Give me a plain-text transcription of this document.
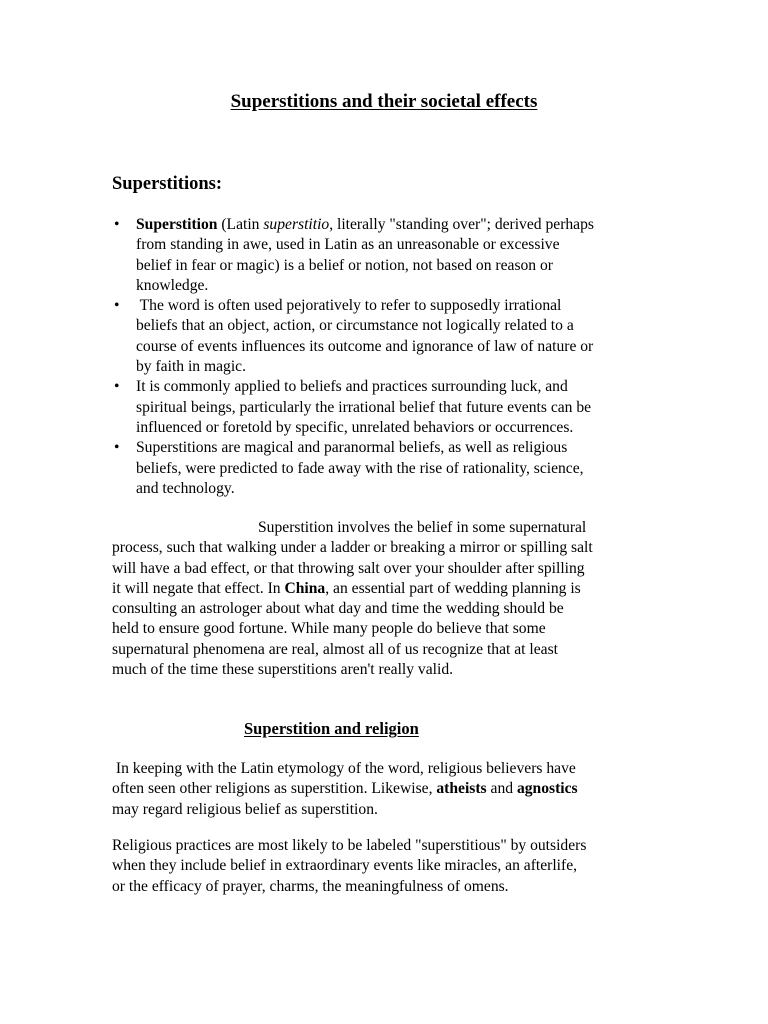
Superstitions and their societal effects
Superstitions:
• Superstition (Latin superstitio, literally "standing over"; derived perhaps
from standing in awe, used in Latin as an unreasonable or excessive
belief in fear or magic) is a belief or notion, not based on reason or
knowledge.
• The word is often used pejoratively to refer to supposedly irrational
beliefs that an object, action, or circumstance not logically related to a
course of events influences its outcome and ignorance of law of nature or
by faith in magic.
• It is commonly applied to beliefs and practices surrounding luck, and
spiritual beings, particularly the irrational belief that future events can be
influenced or foretold by specific, unrelated behaviors or occurrences.
• Superstitions are magical and paranormal beliefs, as well as religious
beliefs, were predicted to fade away with the rise of rationality, science,
and technology.
Superstition involves the belief in some supernatural
process, such that walking under a ladder or breaking a mirror or spilling salt
will have a bad effect, or that throwing salt over your shoulder after spilling
it will negate that effect. In China, an essential part of wedding planning is
consulting an astrologer about what day and time the wedding should be
held to ensure good fortune. While many people do believe that some
supernatural phenomena are real, almost all of us recognize that at least
much of the time these superstitions aren't really valid.
Superstition and religion
In keeping with the Latin etymology of the word, religious believers have
often seen other religions as superstition. Likewise, atheists and agnostics
may regard religious belief as superstition.
Religious practices are most likely to be labeled "superstitious" by outsiders
when they include belief in extraordinary events like miracles, an afterlife,
or the efficacy of prayer, charms, the meaningfulness of omens.
